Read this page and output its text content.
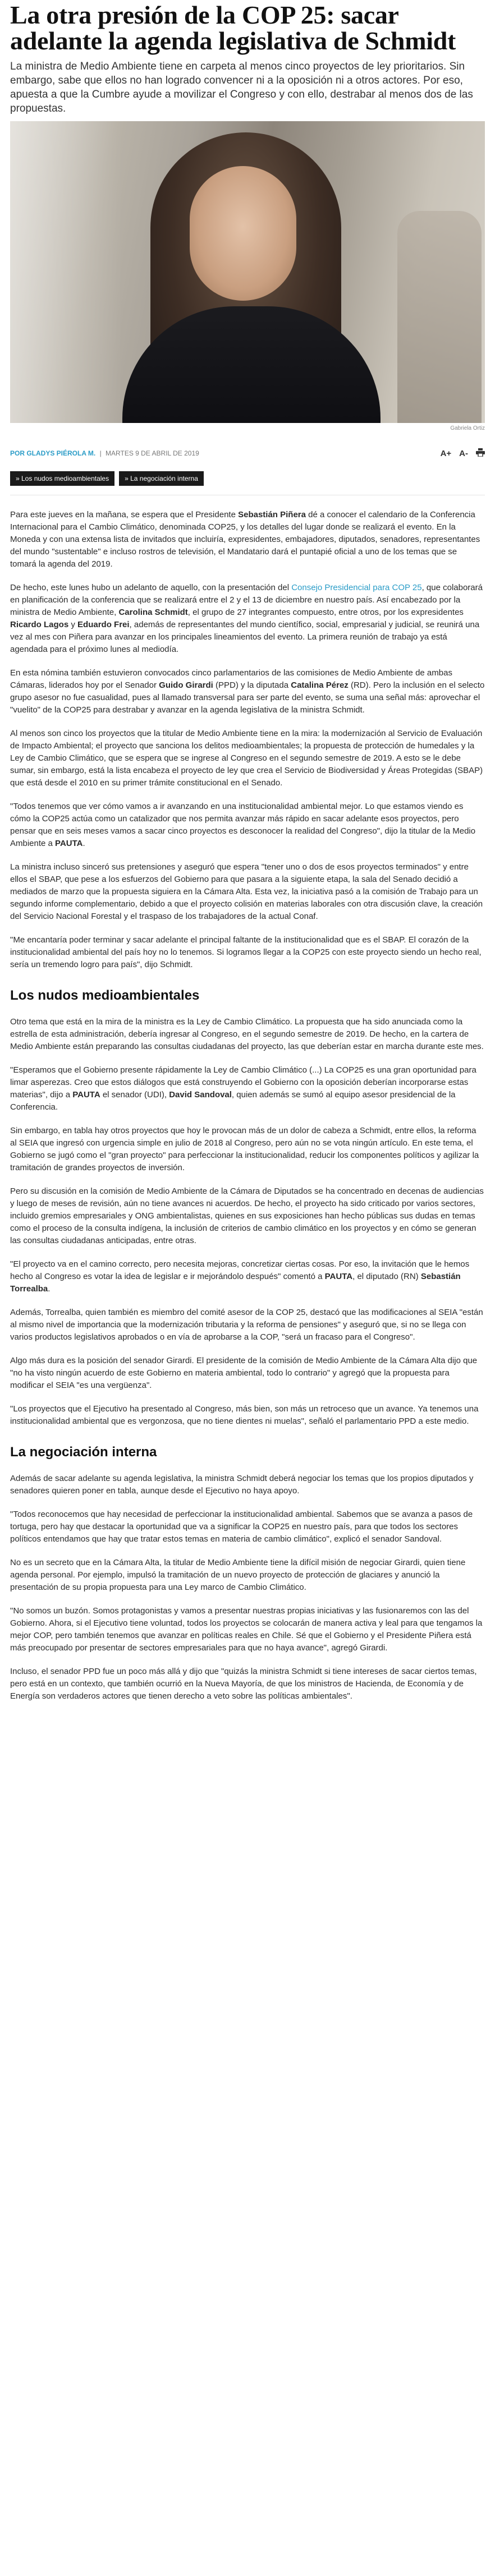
La otra presión de la COP 25: sacar adelante la agenda legislativa de Schmidt
La ministra de Medio Ambiente tiene en carpeta al menos cinco proyectos de ley prioritarios. Sin embargo, sabe que ellos no han logrado convencer ni a la oposición ni a otros actores. Por eso, apuesta a que la Cumbre ayude a movilizar el Congreso y con ello, destrabar al menos dos de las propuestas.
Gabriela Ortiz
POR GLADYS PIÉROLA M. | MARTES 9 DE ABRIL DE 2019	A+ A-
» Los nudos medioambientales	» La negociación interna

Para este jueves en la mañana, se espera que el Presidente Sebastián Piñera dé a conocer el calendario de la Conferencia Internacional para el Cambio Climático, denominada COP25, y los detalles del lugar donde se realizará el evento. En la Moneda y con una extensa lista de invitados que incluiría, expresidentes, embajadores, diputados, senadores, representantes del mundo "sustentable" e incluso rostros de televisión, el Mandatario dará el puntapié oficial a uno de los temas que se tomará la agenda del 2019.

De hecho, este lunes hubo un adelanto de aquello, con la presentación del Consejo Presidencial para COP 25, que colaborará en planificación de la conferencia que se realizará entre el 2 y el 13 de diciembre en nuestro país. Así encabezado por la ministra de Medio Ambiente, Carolina Schmidt, el grupo de 27 integrantes compuesto, entre otros, por los expresidentes Ricardo Lagos y Eduardo Frei, además de representantes del mundo científico, social, empresarial y judicial, se reunirá una vez al mes con Piñera para avanzar en los principales lineamientos del evento. La primera reunión de trabajo ya está agendada para el próximo lunes al mediodía.

En esta nómina también estuvieron convocados cinco parlamentarios de las comisiones de Medio Ambiente de ambas Cámaras, liderados hoy por el Senador Guido Girardi (PPD) y la diputada Catalina Pérez (RD). Pero la inclusión en el selecto grupo asesor no fue casualidad, pues al llamado transversal para ser parte del evento, se suma una señal más: aprovechar el "vuelito" de la COP25 para destrabar y avanzar en la agenda legislativa de la ministra Schmidt.

Al menos son cinco los proyectos que la titular de Medio Ambiente tiene en la mira: la modernización al Servicio de Evaluación de Impacto Ambiental; el proyecto que sanciona los delitos medioambientales; la propuesta de protección de humedales y la Ley de Cambio Climático, que se espera que se ingrese al Congreso en el segundo semestre de 2019. A esto se le debe sumar, sin embargo, está la lista encabeza el proyecto de ley que crea el Servicio de Biodiversidad y Áreas Protegidas (SBAP) que está desde el 2010 en su primer trámite constitucional en el Senado.

"Todos tenemos que ver cómo vamos a ir avanzando en una institucionalidad ambiental mejor. Lo que estamos viendo es cómo la COP25 actúa como un catalizador que nos permita avanzar más rápido en sacar adelante esos proyectos, pero pensar que en seis meses vamos a sacar cinco proyectos es desconocer la realidad del Congreso", dijo la titular de la Medio Ambiente a PAUTA.

La ministra incluso sinceró sus pretensiones y aseguró que espera "tener uno o dos de esos proyectos terminados" y entre ellos el SBAP, que pese a los esfuerzos del Gobierno para que pasara a la siguiente etapa, la sala del Senado decidió a mediados de marzo que la propuesta siguiera en la Cámara Alta. Esta vez, la iniciativa pasó a la comisión de Trabajo para un segundo informe complementario, debido a que el proyecto colisión en materias laborales con otra discusión clave, la creación del Servicio Nacional Forestal y el traspaso de los trabajadores de la actual Conaf.

"Me encantaría poder terminar y sacar adelante el principal faltante de la institucionalidad que es el SBAP. El corazón de la institucionalidad ambiental del país hoy no lo tenemos. Si logramos llegar a la COP25 con este proyecto siendo un hecho real, sería un tremendo logro para país", dijo Schmidt.

Los nudos medioambientales

Otro tema que está en la mira de la ministra es la Ley de Cambio Climático. La propuesta que ha sido anunciada como la estrella de esta administración, debería ingresar al Congreso, en el segundo semestre de 2019. De hecho, en la cartera de Medio Ambiente están preparando las consultas ciudadanas del proyecto, las que deberían estar en marcha durante este mes.

"Esperamos que el Gobierno presente rápidamente la Ley de Cambio Climático (...) La COP25 es una gran oportunidad para limar asperezas. Creo que estos diálogos que está construyendo el Gobierno con la oposición deberían incorporarse estas materias", dijo a PAUTA el senador (UDI), David Sandoval, quien además se sumó al equipo asesor presidencial de la Conferencia.

Sin embargo, en tabla hay otros proyectos que hoy le provocan más de un dolor de cabeza a Schmidt, entre ellos, la reforma al SEIA que ingresó con urgencia simple en julio de 2018 al Congreso, pero aún no se vota ningún artículo. En este tema, el Gobierno se jugó como el "gran proyecto" para perfeccionar la institucionalidad, reducir los componentes políticos y agilizar la tramitación de grandes proyectos de inversión.

Pero su discusión en la comisión de Medio Ambiente de la Cámara de Diputados se ha concentrado en decenas de audiencias y luego de meses de revisión, aún no tiene avances ni acuerdos. De hecho, el proyecto ha sido criticado por varios sectores, incluido gremios empresariales y ONG ambientalistas, quienes en sus exposiciones han hecho públicas sus dudas en temas como el proceso de la consulta indígena, la inclusión de criterios de cambio climático en los proyectos y en cómo se generan las consultas ciudadanas anticipadas, entre otras.

"El proyecto va en el camino correcto, pero necesita mejoras, concretizar ciertas cosas. Por eso, la invitación que le hemos hecho al Congreso es votar la idea de legislar e ir mejorándolo después" comentó a PAUTA, el diputado (RN) Sebastián Torrealba.

Además, Torrealba, quien también es miembro del comité asesor de la COP 25, destacó que las modificaciones al SEIA "están al mismo nivel de importancia que la modernización tributaria y la reforma de pensiones" y aseguró que, si no se llega con varios productos legislativos aprobados o en vía de aprobarse a la COP, "será un fracaso para el Congreso".

Algo más dura es la posición del senador Girardi. El presidente de la comisión de Medio Ambiente de la Cámara Alta dijo que "no ha visto ningún acuerdo de este Gobierno en materia ambiental, todo lo contrario" y agregó que la propuesta para modificar el SEIA "es una vergüenza".

"Los proyectos que el Ejecutivo ha presentado al Congreso, más bien, son más un retroceso que un avance. Ya tenemos una institucionalidad ambiental que es vergonzosa, que no tiene dientes ni muelas", señaló el parlamentario PPD a este medio.

La negociación interna

Además de sacar adelante su agenda legislativa, la ministra Schmidt deberá negociar los temas que los propios diputados y senadores quieren poner en tabla, aunque desde el Ejecutivo no haya apoyo.

"Todos reconocemos que hay necesidad de perfeccionar la institucionalidad ambiental. Sabemos que se avanza a pasos de tortuga, pero hay que destacar la oportunidad que va a significar la COP25 en nuestro país, para que todos los sectores políticos entendamos que hay que tratar estos temas en materia de cambio climático", explicó el senador Sandoval.

No es un secreto que en la Cámara Alta, la titular de Medio Ambiente tiene la difícil misión de negociar Girardi, quien tiene agenda personal. Por ejemplo, impulsó la tramitación de un nuevo proyecto de protección de glaciares y anunció la presentación de su propia propuesta para una Ley marco de Cambio Climático.

"No somos un buzón. Somos protagonistas y vamos a presentar nuestras propias iniciativas y las fusionaremos con las del Gobierno. Ahora, si el Ejecutivo tiene voluntad, todos los proyectos se colocarán de manera activa y leal para que tengamos la mejor COP, pero también tenemos que avanzar en políticas reales en Chile. Sé que el Gobierno y el Presidente Piñera está más preocupado por presentar de sectores empresariales para que no haya avance", agregó Girardi.

Incluso, el senador PPD fue un poco más allá y dijo que "quizás la ministra Schmidt si tiene intereses de sacar ciertos temas, pero está en un contexto, que también ocurrió en la Nueva Mayoría, de que los ministros de Hacienda, de Economía y de Energía son verdaderos actores que tienen derecho a veto sobre las políticas ambientales".
